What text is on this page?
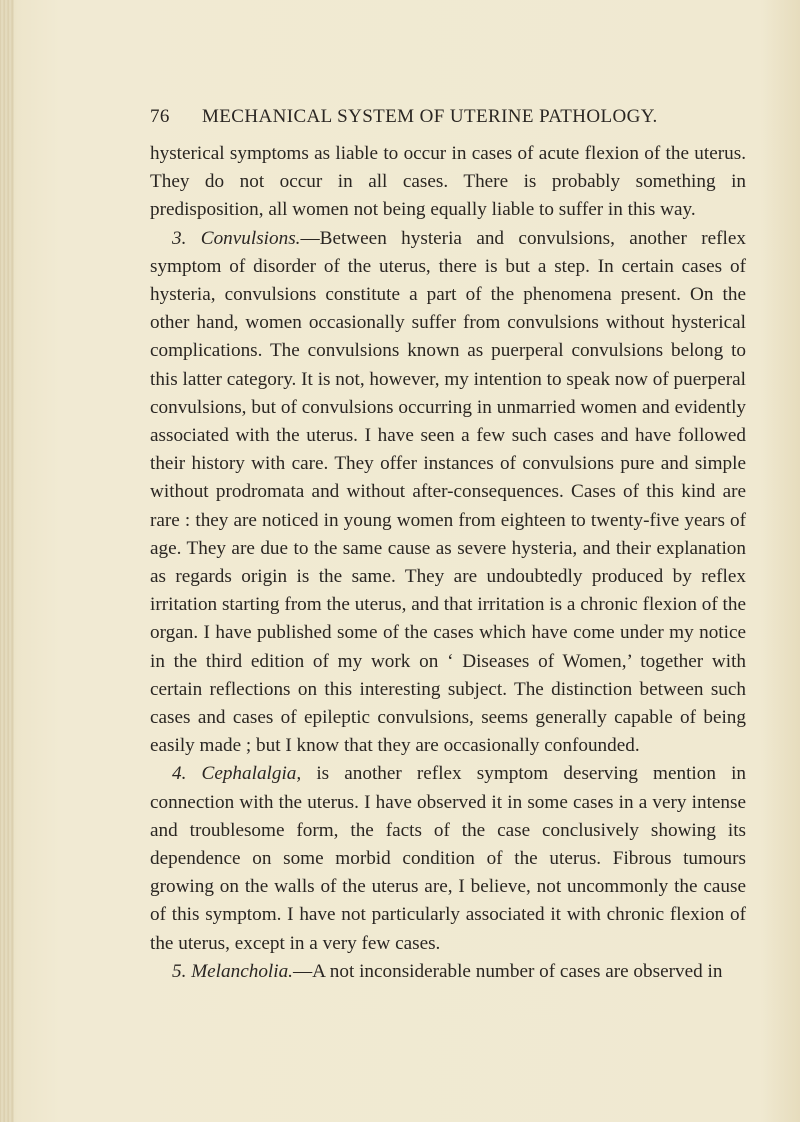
76 MECHANICAL SYSTEM OF UTERINE PATHOLOGY.

hysterical symptoms as liable to occur in cases of acute flexion of the uterus. They do not occur in all cases. There is probably something in predisposition, all women not being equally liable to suffer in this way.

3. Convulsions.—Between hysteria and convulsions, another reflex symptom of disorder of the uterus, there is but a step. In certain cases of hysteria, convulsions constitute a part of the phenomena present. On the other hand, women occasionally suffer from convulsions without hysterical complications. The convulsions known as puerperal convulsions belong to this latter category. It is not, however, my intention to speak now of puerperal convulsions, but of convulsions occurring in unmarried women and evidently associated with the uterus. I have seen a few such cases and have followed their history with care. They offer instances of convulsions pure and simple without prodromata and without after-consequences. Cases of this kind are rare : they are noticed in young women from eighteen to twenty-five years of age. They are due to the same cause as severe hysteria, and their explanation as regards origin is the same. They are undoubtedly produced by reflex irritation starting from the uterus, and that irritation is a chronic flexion of the organ. I have published some of the cases which have come under my notice in the third edition of my work on ‘ Diseases of Women,’ together with certain reflections on this interesting subject. The distinction between such cases and cases of epileptic convulsions, seems generally capable of being easily made ; but I know that they are occasionally confounded.

4. Cephalalgia, is another reflex symptom deserving mention in connection with the uterus. I have observed it in some cases in a very intense and troublesome form, the facts of the case conclusively showing its dependence on some morbid condition of the uterus. Fibrous tumours growing on the walls of the uterus are, I believe, not uncommonly the cause of this symptom. I have not particularly associated it with chronic flexion of the uterus, except in a very few cases.

5. Melancholia.—A not inconsiderable number of cases are observed in
